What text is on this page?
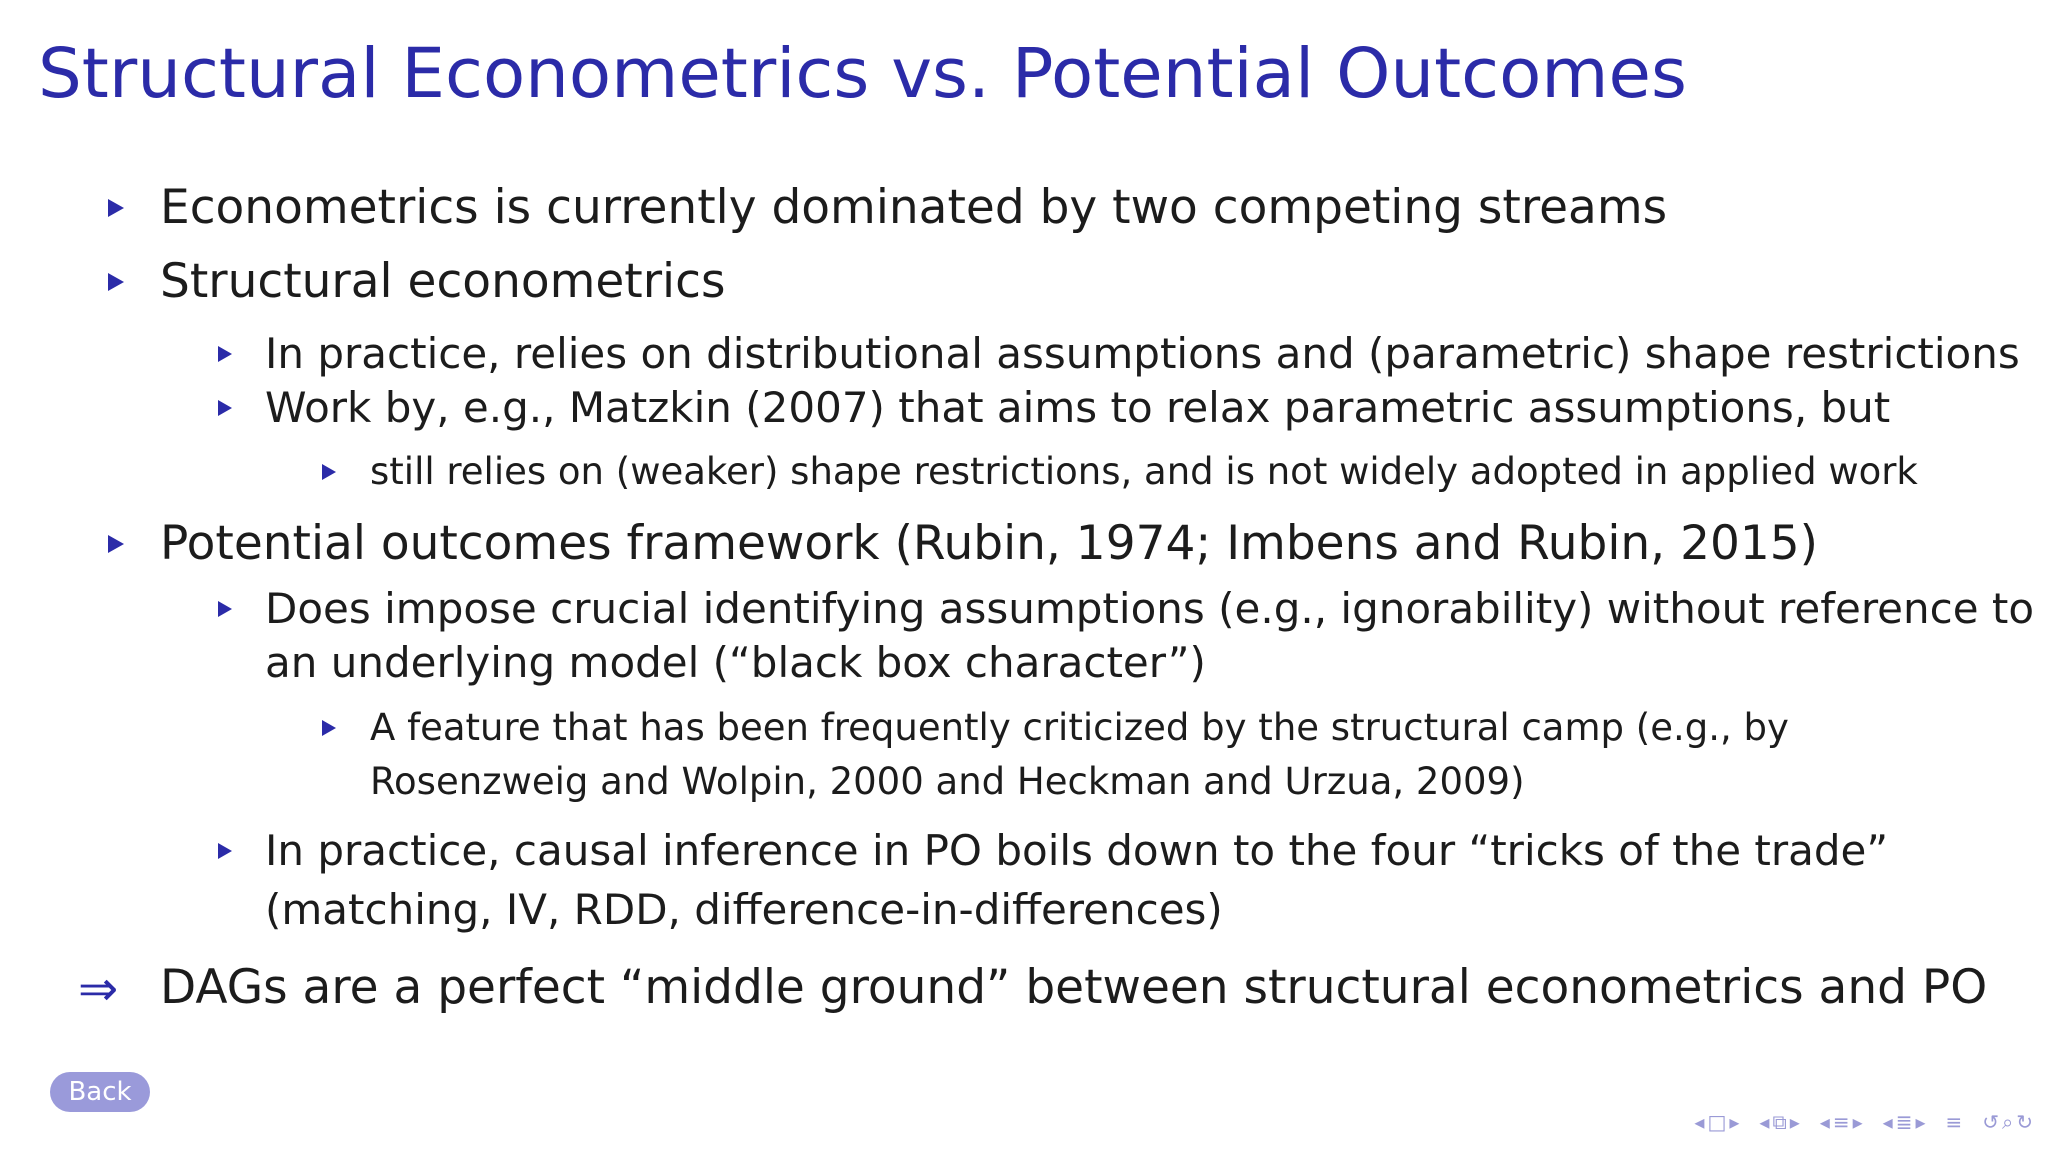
Structural Econometrics vs. Potential Outcomes
Econometrics is currently dominated by two competing streams
Structural econometrics
In practice, relies on distributional assumptions and (parametric) shape restrictions
Work by, e.g., Matzkin (2007) that aims to relax parametric assumptions, but
still relies on (weaker) shape restrictions, and is not widely adopted in applied work
Potential outcomes framework (Rubin, 1974; Imbens and Rubin, 2015)
Does impose crucial identifying assumptions (e.g., ignorability) without reference to
an underlying model (“black box character”)
A feature that has been frequently criticized by the structural camp (e.g., by
Rosenzweig and Wolpin, 2000 and Heckman and Urzua, 2009)
In practice, causal inference in PO boils down to the four “tricks of the trade”
(matching, IV, RDD, difference-in-differences)
⇒ DAGs are a perfect “middle ground” between structural econometrics and PO
Back
◂ □ ▸ ◂ ⧉ ▸ ◂ ≡ ▸ ◂ ≣ ▸ ≡ ↺ ⌕ ↻
